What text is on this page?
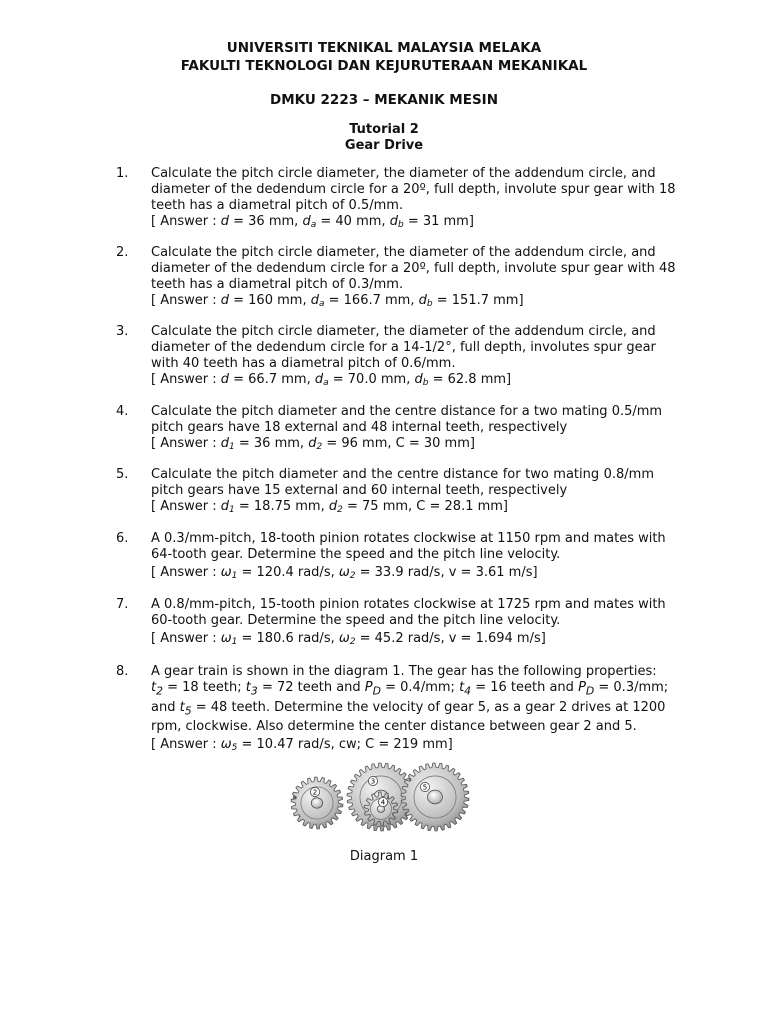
UNIVERSITI TEKNIKAL MALAYSIA MELAKA
FAKULTI TEKNOLOGI DAN KEJURUTERAAN MEKANIKAL
DMKU 2223 – MEKANIK MESIN
Tutorial 2
Gear Drive
1.	Calculate the pitch circle diameter, the diameter of the addendum circle, and
diameter of the dedendum circle for a 20º, full depth, involute spur gear with 18
teeth has a diametral pitch of 0.5/mm.
[ Answer : d = 36 mm, $d_a = 40$ mm, $d_b = 31$ mm]
2.	Calculate the pitch circle diameter, the diameter of the addendum circle, and
diameter of the dedendum circle for a 20º, full depth, involute spur gear with 48
teeth has a diametral pitch of 0.3/mm.
[ Answer : d = 160 mm, $d_a = 166.7$ mm, $d_b = 151.7$ mm]
3.	Calculate the pitch circle diameter, the diameter of the addendum circle, and
diameter of the dedendum circle for a 14-1/2°, full depth, involutes spur gear
with 40 teeth has a diametral pitch of 0.6/mm.
[ Answer : d = 66.7 mm, $d_a = 70.0$ mm, $d_b = 62.8$ mm]
4.	Calculate the pitch diameter and the centre distance for a two mating 0.5/mm
pitch gears have 18 external and 48 internal teeth, respectively
[ Answer : $d_1 = 36$ mm, $d_2 = 96$ mm, C = 30 mm]
5.	Calculate the pitch diameter and the centre distance for two mating 0.8/mm
pitch gears have 15 external and 60 internal teeth, respectively
[ Answer : $d_1 = 18.75$ mm, $d_2 = 75$ mm, C = 28.1 mm]
6.	A 0.3/mm-pitch, 18-tooth pinion rotates clockwise at 1150 rpm and mates with
64-tooth gear. Determine the speed and the pitch line velocity.
[ Answer : $\omega_1 = 120.4$ rad/s, $\omega_2 = 33.9$ rad/s, v = 3.61 m/s]
7.	A 0.8/mm-pitch, 15-tooth pinion rotates clockwise at 1725 rpm and mates with
60-tooth gear. Determine the speed and the pitch line velocity.
[ Answer : $\omega_1 = 180.6$ rad/s, $\omega_2 = 45.2$ rad/s, v = 1.694 m/s]
8.	A gear train is shown in the diagram 1. The gear has the following properties:
$t_2 = 18$ teeth; $t_3 = 72$ teeth and $P_D = 0.4/mm$; $t_4 = 16$ teeth and $P_D = 0.3/mm$;
and $t_5 = 48$ teeth. Determine the velocity of gear 5, as a gear 2 drives at 1200
rpm, clockwise. Also determine the center distance between gear 2 and 5.
[ Answer : $\omega_5 = 10.47$ rad/s, cw; C = 219 mm]
2
3
4
5
Diagram 1
